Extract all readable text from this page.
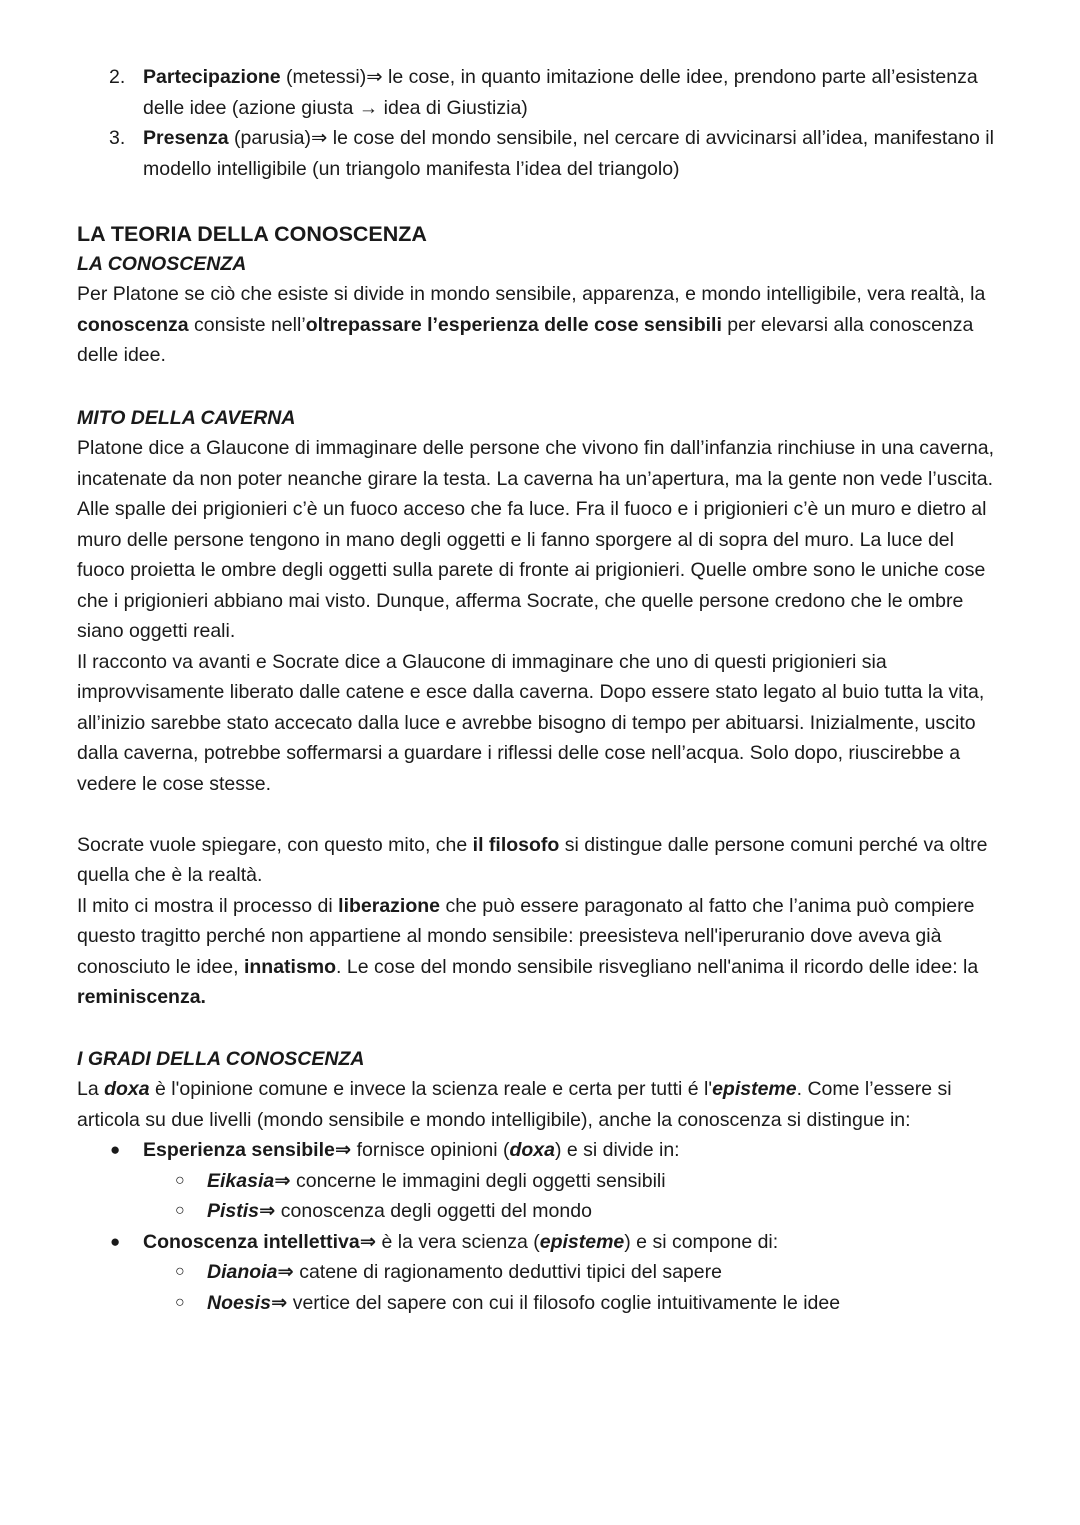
2. Partecipazione (metessi)⇒ le cose, in quanto imitazione delle idee, prendono parte all’esistenza delle idee (azione giusta → idea di Giustizia)
3. Presenza (parusia)⇒ le cose del mondo sensibile, nel cercare di avvicinarsi all’idea, manifestano il modello intelligibile (un triangolo manifesta l’idea del triangolo)
LA TEORIA DELLA CONOSCENZA
LA CONOSCENZA

Per Platone se ciò che esiste si divide in mondo sensibile, apparenza, e mondo intelligibile, vera realtà, la conoscenza consiste nell’oltrepassare l’esperienza delle cose sensibili per elevarsi alla conoscenza delle idee.

MITO DELLA CAVERNA

Platone dice a Glaucone di immaginare delle persone che vivono fin dall’infanzia rinchiuse in una caverna, incatenate da non poter neanche girare la testa. La caverna ha un’apertura, ma la gente non vede l’uscita. Alle spalle dei prigionieri c’è un fuoco acceso che fa luce. Fra il fuoco e i prigionieri c’è un muro e dietro al muro delle persone tengono in mano degli oggetti e li fanno sporgere al di sopra del muro. La luce del fuoco proietta le ombre degli oggetti sulla parete di fronte ai prigionieri. Quelle ombre sono le uniche cose che i prigionieri abbiano mai visto. Dunque, afferma Socrate, che quelle persone credono che le ombre siano oggetti reali.

Il racconto va avanti e Socrate dice a Glaucone di immaginare che uno di questi prigionieri sia improvvisamente liberato dalle catene e esce dalla caverna. Dopo essere stato legato al buio tutta la vita, all’inizio sarebbe stato accecato dalla luce e avrebbe bisogno di tempo per abituarsi. Inizialmente, uscito dalla caverna, potrebbe soffermarsi a guardare i riflessi delle cose nell’acqua. Solo dopo, riuscirebbe a vedere le cose stesse.

Socrate vuole spiegare, con questo mito, che il filosofo si distingue dalle persone comuni perché va oltre quella che è la realtà.

Il mito ci mostra il processo di liberazione che può essere paragonato al fatto che l’anima può compiere questo tragitto perché non appartiene al mondo sensibile: preesisteva nell'iperuranio dove aveva già conosciuto le idee, innatismo. Le cose del mondo sensibile risvegliano nell'anima il ricordo delle idee: la reminiscenza.

I GRADI DELLA CONOSCENZA

La doxa è l'opinione comune e invece la scienza reale e certa per tutti é l'episteme. Come l’essere si articola su due livelli (mondo sensibile e mondo intelligibile), anche la conoscenza si distingue in:

● Esperienza sensibile⇒ fornisce opinioni (doxa) e si divide in:
○ Eikasia⇒ concerne le immagini degli oggetti sensibili
○ Pistis⇒ conoscenza degli oggetti del mondo
● Conoscenza intellettiva⇒ è la vera scienza (episteme) e si compone di:
○ Dianoia⇒ catene di ragionamento deduttivi tipici del sapere
○ Noesis⇒ vertice del sapere con cui il filosofo coglie intuitivamente le idee
